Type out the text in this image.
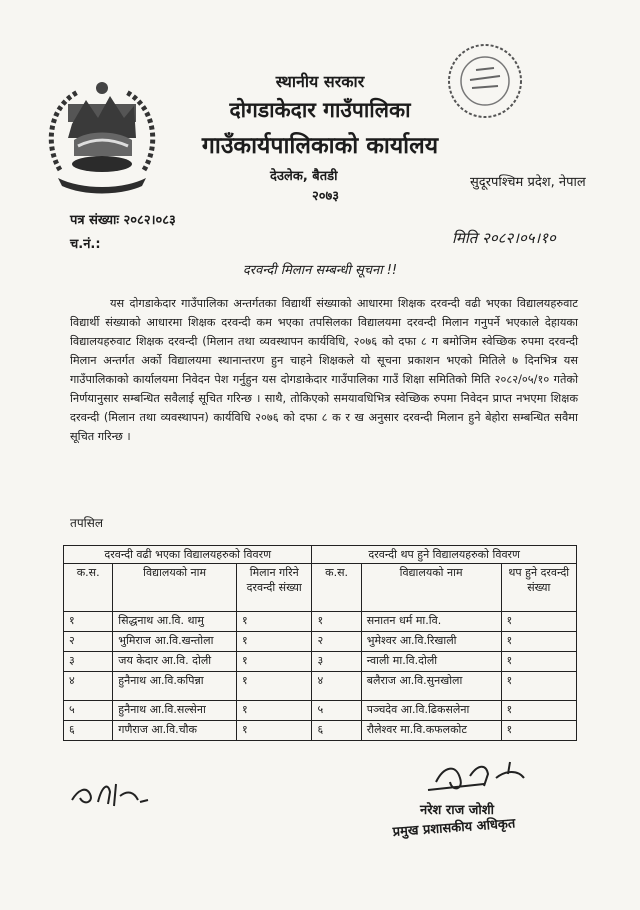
स्थानीय सरकार
दोगडाकेदार गाउँपालिका
गाउँकार्यपालिकाको कार्यालय
देउलेक, बैतडी
२०७३
सुदूरपश्चिम प्रदेश, नेपाल
पत्र संख्याः २०८२।०८३
च.नं.:	मिति २०८२।०५।१०
दरवन्दी मिलान सम्बन्धी सूचना !!
यस दोगडाकेदार गाउँपालिका अन्तर्गतका विद्यार्थी संख्याको आधारमा शिक्षक दरवन्दी वढी भएका विद्यालयहरुवाट विद्यार्थी संख्याको आधारमा शिक्षक दरवन्दी कम भएका तपसिलका विद्यालयमा दरवन्दी मिलान गनुपर्ने भएकाले देहायका विद्यालयहरुवाट शिक्षक दरवन्दी (मिलान तथा व्यवस्थापन कार्यविधि, २०७६ को दफा ८ ग बमोजिम स्वेच्छिक रुपमा दरवन्दी मिलान अन्तर्गत अर्को विद्यालयमा स्थानान्तरण हुन चाहने शिक्षकले यो सूचना प्रकाशन भएको मितिले ७ दिनभित्र यस गाउँपालिकाको कार्यालयमा निवेदन पेश गर्नुहुन यस दोगडाकेदार गाउँपालिका गाउँ शिक्षा समितिको मिति २०८२/०५/१० गतेको निर्णयानुसार सम्बन्धित सवैलाई सूचित गरिन्छ । साथै, तोकिएको समयावधिभित्र स्वेच्छिक रुपमा निवेदन प्राप्त नभएमा शिक्षक दरवन्दी (मिलान तथा व्यवस्थापन) कार्यविधि २०७६ को दफा ८ क र ख अनुसार दरवन्दी मिलान हुने बेहोरा सम्बन्धित सवैमा सूचित गरिन्छ ।
तपसिल
दरवन्दी वढी भएका विद्यालयहरुको विवरण			दरवन्दी थप हुने विद्यालयहरुको विवरण		
क.स.	विद्यालयको नाम	मिलान गरिने दरवन्दी संख्या	क.स.	विद्यालयको नाम	थप हुने दरवन्दी संख्या
१	सिद्धनाथ आ.वि. थामु	१	१	सनातन धर्म मा.वि.	१
२	भुमिराज आ.वि.खन्तोला	१	२	भुमेश्वर आ.वि.रिखाली	१
३	जय केदार आ.वि. दोली	१	३	न्वाली मा.वि.दोली	१
४	हुनैनाथ आ.वि.कपिन्ना	१	४	बलैराज आ.वि.सुनखोला	१
५	हुनैनाथ आ.वि.सल्सेना	१	५	पञ्चदेव आ.वि.ढिकसलेना	१
६	गणैराज आ.वि.चौक	१	६	रौलेश्वर मा.वि.कफलकोट	१
नरेश राज जोशी
प्रमुख प्रशासकीय अधिकृत
